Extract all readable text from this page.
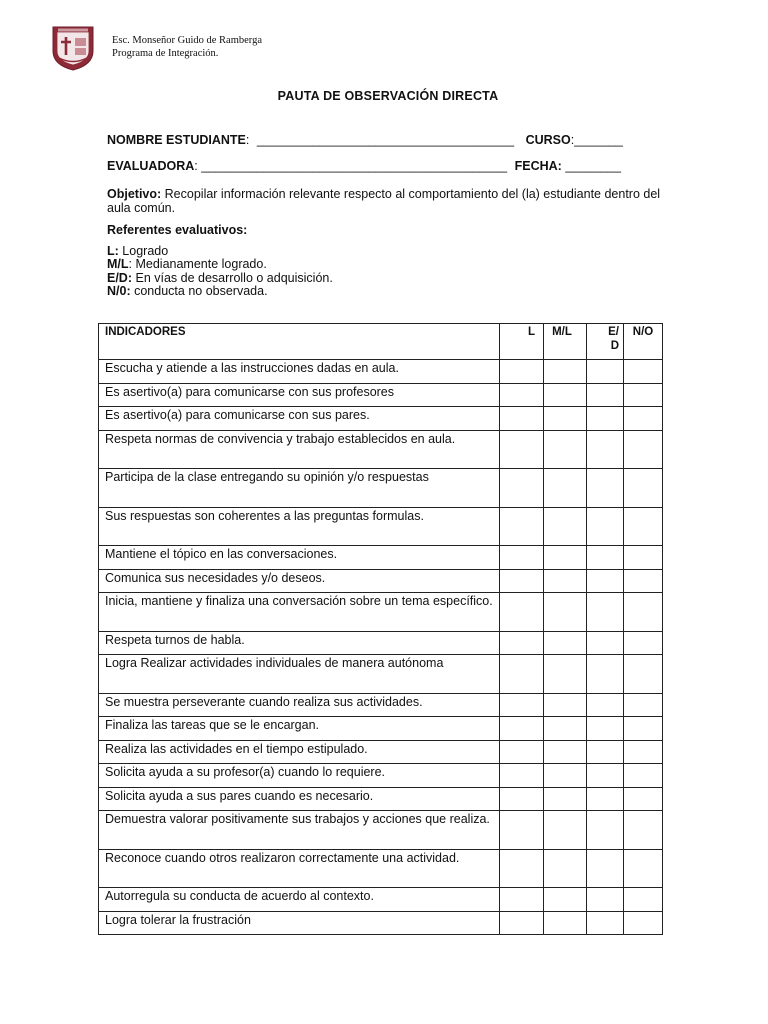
Esc. Monseñor Guido de Ramberga
Programa de Integración.
PAUTA DE OBSERVACIÓN DIRECTA
NOMBRE ESTUDIANTE: _____________________________________ CURSO:_______
EVALUADORA: ____________________________________________ FECHA: ________
Objetivo: Recopilar información relevante respecto al comportamiento del (la) estudiante dentro del aula común.
Referentes evaluativos:
L: Logrado
M/L: Medianamente logrado.
E/D: En vías de desarrollo o adquisición.
N/0: conducta no observada.
INDICADORES	L	M/L	E/ D	N/O
Escucha y atiende a las instrucciones dadas en aula.				
Es asertivo(a) para comunicarse con sus profesores				
Es asertivo(a) para comunicarse con sus pares.				
Respeta normas de convivencia y trabajo establecidos en aula.				
Participa de la clase entregando su opinión y/o respuestas				
Sus respuestas son coherentes a las preguntas formulas.				
Mantiene el tópico en las conversaciones.				
Comunica sus necesidades y/o deseos.				
Inicia, mantiene y finaliza una conversación sobre un tema específico.				
Respeta turnos de habla.				
Logra Realizar actividades individuales de manera autónoma				
Se muestra perseverante cuando realiza sus actividades.				
Finaliza las tareas que se le encargan.				
Realiza las actividades en el tiempo estipulado.				
Solicita ayuda a su profesor(a) cuando lo requiere.				
Solicita ayuda a sus pares cuando es necesario.				
Demuestra valorar positivamente sus trabajos y acciones que realiza.				
Reconoce cuando otros realizaron correctamente una actividad.				
Autorregula su conducta de acuerdo al contexto.				
Logra tolerar la frustración				
